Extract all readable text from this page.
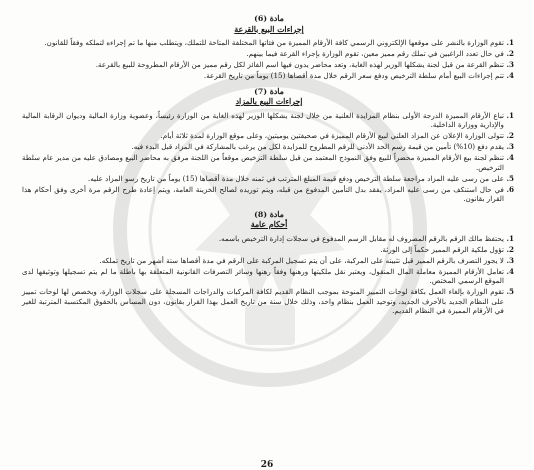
مادة (6)

إجراءات البيع بالقرعة

1. تقوم الوزارة بالنشر على موقعها الإلكتروني الرسمي كافة الأرقام المميزة من فئاتها المختلفة المتاحة للتملك، ويتطلب منها ما تم إجراءه لتملكه وفقاً للقانون.
2. في حال تعدد الراغبين في تملك رقم مميز معين، تقوم الوزارة بإجراء القرعة فيما بينهم.
3. تنظم القرعة من قبل لجنة يشكلها الوزير لهذه الغاية، وتعد محاضر يدون فيها اسم الفائز لكل رقم مميز من الأرقام المطروحة للبيع بالقرعة.
4. تتم إجراءات البيع أمام سلطة الترخيص ودفع سعر الرقم خلال مدة أقصاها (15) يوماً من تاريخ القرعة.

مادة (7)

إجراءات البيع بالمزاد

1. تباع الأرقام المميزة الدرجة الأولى بنظام المزايدة العلنية من خلال لجنة يشكلها الوزير لهذه الغاية من الوزارة رئيساً، وعضوية وزارة المالية وديوان الرقابة المالية والإدارية ووزارة الداخلية.
2. تتولى الوزارة الإعلان عن المزاد العلني لبيع الأرقام المميزة في صحيفتين يوميتين، وعلى موقع الوزارة لمدة ثلاثة أيام.
3. يقدم دفع (10%) تأمين من قيمة رسم الحد الأدنى للرقم المطروح للمزايدة لكل من يرغب بالمشاركة في المزاد قبل البدء فيه.
4. تنظم لجنة بيع الأرقام المميزة محضراً للبيع وفق النموذج المعتمد من قبل سلطة الترخيص موقعاً من اللجنة مرفق به محاضر البيع ومصادق عليه من مدير عام سلطة الترخيص.
5. على من رسى عليه المزاد مراجعة سلطة الترخيص ودفع قيمة المبلغ المترتب في ثمنه خلال مدة أقصاها (15) يوماً من تاريخ رسو المزاد عليه.
6. في حال استنكف من رسى عليه المزاد، يفقد بدل التأمين المدفوع من قبله، ويتم توريده لصالح الخزينة العامة، ويتم إعادة طرح الرقم مرة أخرى وفق أحكام هذا القرار بقانون.

مادة (8)

أحكام عامة

1. يحتفظ مالك الرقم بالرقم المصروف له مقابل الرسم المدفوع في سجلات إدارة الترخيص باسمه.
2. تؤول ملكية الرقم المميز حكماً إلى الورثة.
3. لا يجوز التصرف بالرقم المميز قبل تثبيته على المركبة، على أن يتم تسجيل المركبة على الرقم في مدة أقصاها ستة أشهر من تاريخ تملكه.
4. تعامل الأرقام المميزة معاملة المال المنقول، ويعتبر نقل ملكيتها ورهنها وفقاً رهنها وسائر التصرفات القانونية المتعلقة بها باطلة ما لم يتم تسجيلها وتوثيقها لدى الموقع الرسمي المختص.
5. تقوم الوزارة بإلغاء العمل بكافة لوحات التمييز المنوحة بموجب النظام القديم لكافة المركبات والدراجات المسجلة على سجلات الوزارة، ويخصص لها لوحات تمييز على النظام الجديد بالأحرف الجديد، وتوحيد العمل بنظام واحد، وذلك خلال سنة من تاريخ العمل بهذا القرار بقانون، دون المساس بالحقوق المكتسبة المترتبة للغير في الأرقام المميزة في النظام القديم.
26
